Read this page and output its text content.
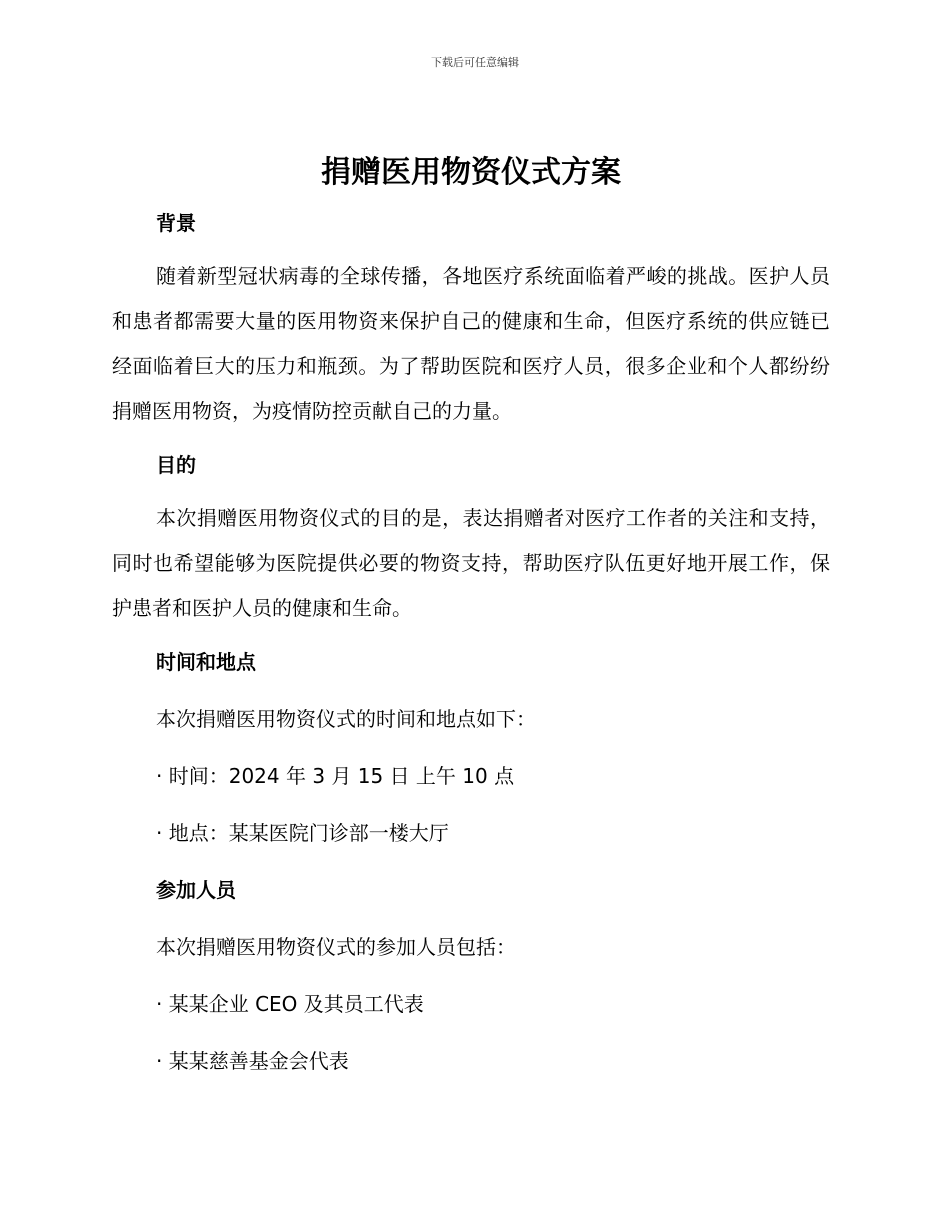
下载后可任意编辑
捐赠医用物资仪式方案
背景

随着新型冠状病毒的全球传播，各地医疗系统面临着严峻的挑战。医护人员和患者都需要大量的医用物资来保护自己的健康和生命，但医疗系统的供应链已经面临着巨大的压力和瓶颈。为了帮助医院和医疗人员，很多企业和个人都纷纷捐赠医用物资，为疫情防控贡献自己的力量。

目的

本次捐赠医用物资仪式的目的是，表达捐赠者对医疗工作者的关注和支持，同时也希望能够为医院提供必要的物资支持，帮助医疗队伍更好地开展工作，保护患者和医护人员的健康和生命。

时间和地点
本次捐赠医用物资仪式的时间和地点如下：
· 时间：2024 年 3 月 15 日 上午 10 点
· 地点：某某医院门诊部一楼大厅
参加人员
本次捐赠医用物资仪式的参加人员包括：
· 某某企业 CEO 及其员工代表
· 某某慈善基金会代表
